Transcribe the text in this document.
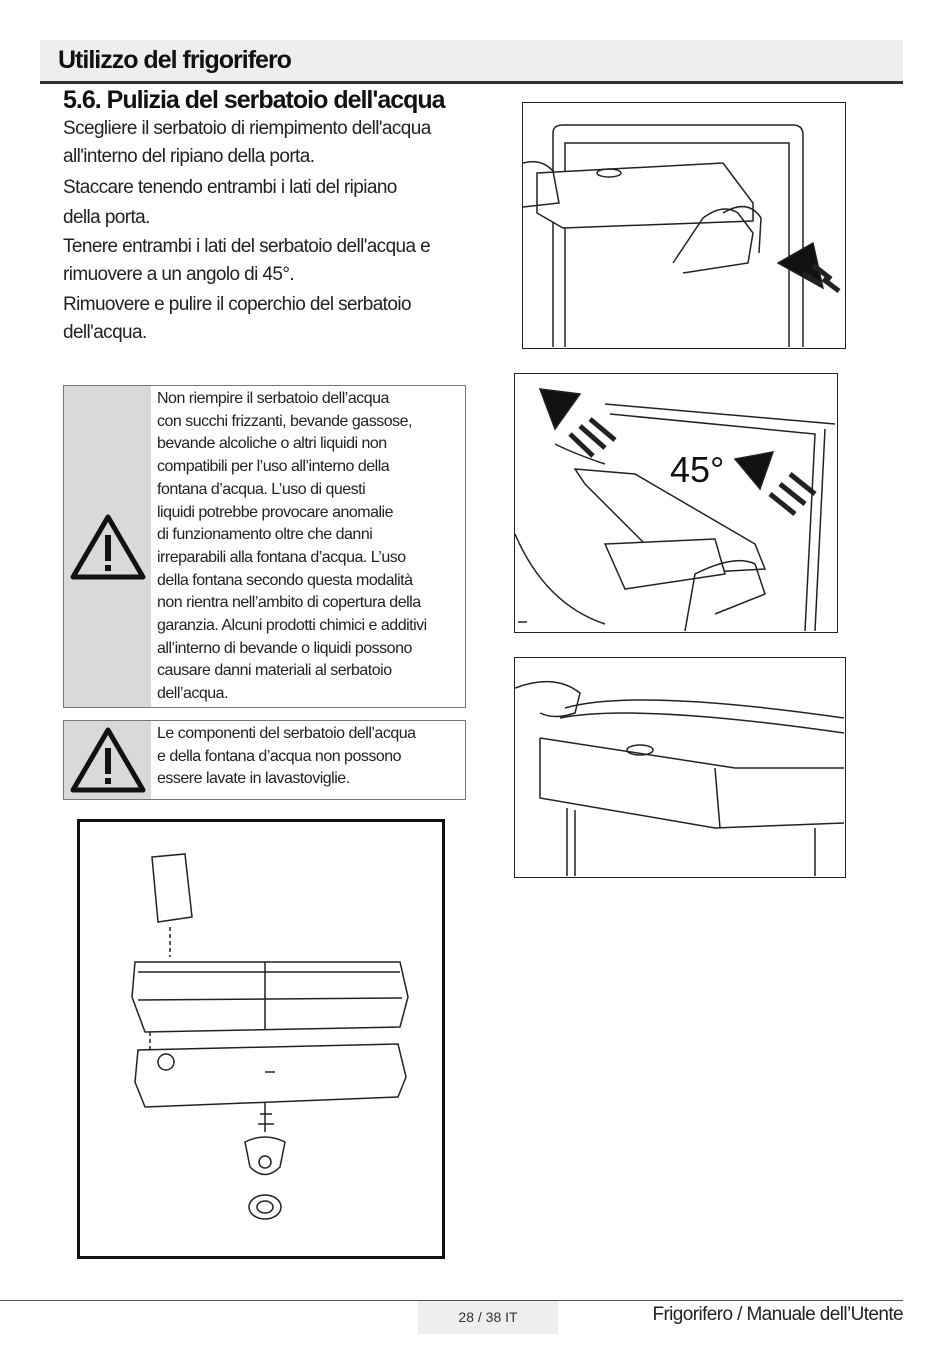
Utilizzo del frigorifero
5.6. Pulizia del serbatoio dell'acqua
Scegliere il serbatoio di riempimento dell'acqua all'interno del ripiano della porta.
Staccare tenendo entrambi i lati del ripiano della porta.
Tenere entrambi i lati del serbatoio dell'acqua e rimuovere a un angolo di 45°.
Rimuovere e pulire il coperchio del serbatoio dell'acqua.
Non riempire il serbatoio dell’acqua
con succhi frizzanti, bevande gassose,
bevande alcoliche o altri liquidi non
compatibili per l’uso all’interno della
fontana d’acqua. L’uso di questi
liquidi potrebbe provocare anomalie
di funzionamento oltre che danni
irreparabili alla fontana d’acqua. L’uso
della fontana secondo questa modalità
non rientra nell’ambito di copertura della
garanzia. Alcuni prodotti chimici e additivi
all’interno di bevande o liquidi possono
causare danni materiali al serbatoio
dell’acqua.
Le componenti del serbatoio dell’acqua
e della fontana d’acqua non possono
essere lavate in lavastoviglie.
45°
28 / 38 IT	Frigorifero / Manuale dell’Utente
